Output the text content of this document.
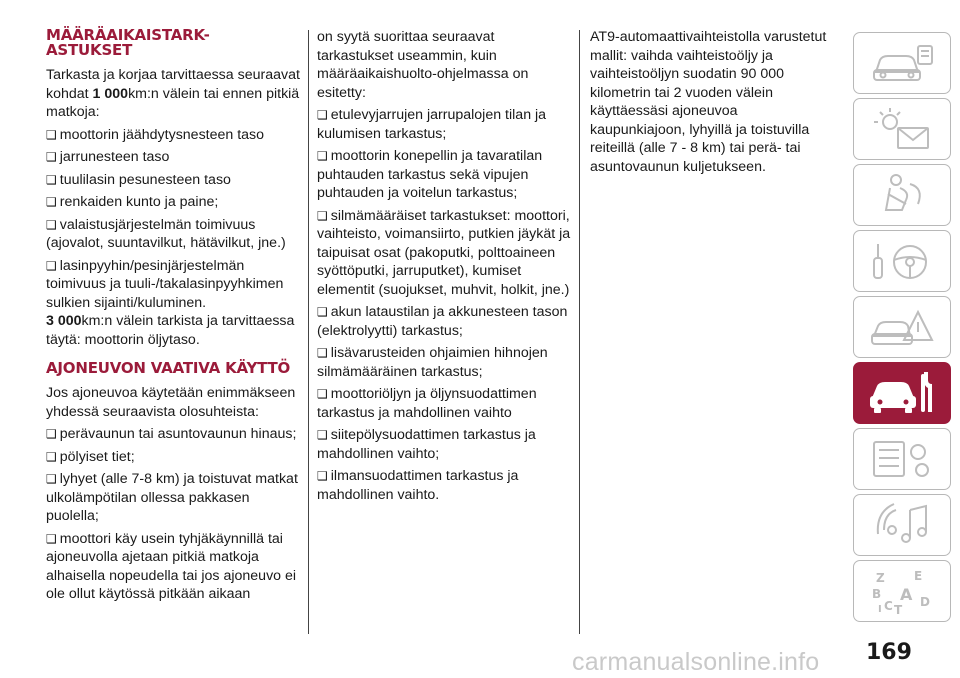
MÄÄRÄAIKAISTARK- ASTUKSET

Tarkasta ja korjaa tarvittaessa seuraavat kohdat 1 000km:n välein tai ennen pitkiä matkoja:

❑ moottorin jäähdytysnesteen taso

❑ jarrunesteen taso

❑ tuulilasin pesunesteen taso

❑ renkaiden kunto ja paine;

❑ valaistusjärjestelmän toimivuus (ajovalot, suuntavilkut, hätävilkut, jne.)

❑ lasinpyyhin/pesinjärjestelmän toimivuus ja tuuli-/takalasinpyyhkimen sulkien sijainti/kuluminen.

3 000km:n välein tarkista ja tarvittaessa täytä: moottorin öljytaso.

AJONEUVON VAATIVA KÄYTTÖ

Jos ajoneuvoa käytetään enimmäkseen yhdessä seuraavista olosuhteista:

❑ perävaunun tai asuntovaunun hinaus;

❑ pölyiset tiet;

❑ lyhyet (alle 7-8 km) ja toistuvat matkat ulkolämpötilan ollessa pakkasen puolella;

❑ moottori käy usein tyhjäkäynnillä tai ajoneuvolla ajetaan pitkiä matkoja alhaisella nopeudella tai jos ajoneuvo ei ole ollut käytössä pitkään aikaan

on syytä suorittaa seuraavat tarkastukset useammin, kuin määräaikaishuolto-ohjelmassa on esitetty:

❑ etulevyjarrujen jarrupalojen tilan ja kulumisen tarkastus;

❑ moottorin konepellin ja tavaratilan puhtauden tarkastus sekä vipujen puhtauden ja voitelun tarkastus;

❑ silmämääräiset tarkastukset: moottori, vaihteisto, voimansiirto, putkien jäykät ja taipuisat osat (pakoputki, polttoaineen syöttöputki, jarruputket), kumiset elementit (suojukset, muhvit, holkit, jne.)

❑ akun lataustilan ja akkunesteen tason (elektrolyytti) tarkastus;

❑ lisävarusteiden ohjaimien hihnojen silmämääräinen tarkastus;

❑ moottoriöljyn ja öljynsuodattimen tarkastus ja mahdollinen vaihto

❑ siitepölysuodattimen tarkastus ja mahdollinen vaihto;

❑ ilmansuodattimen tarkastus ja mahdollinen vaihto.

AT9-automaattivaihteistolla varustetut mallit: vaihda vaihteistoöljy ja vaihteistoöljyn suodatin 90 000 kilometrin tai 2 vuoden välein käyttäessäsi ajoneuvoa kaupunkiajoon, lyhyillä ja toistuvilla reiteillä (alle 7 - 8 km) tai perä- tai asuntovaunun kuljetukseen.

Z E
B A
C D
T
I
169
carmanualsonline.info
